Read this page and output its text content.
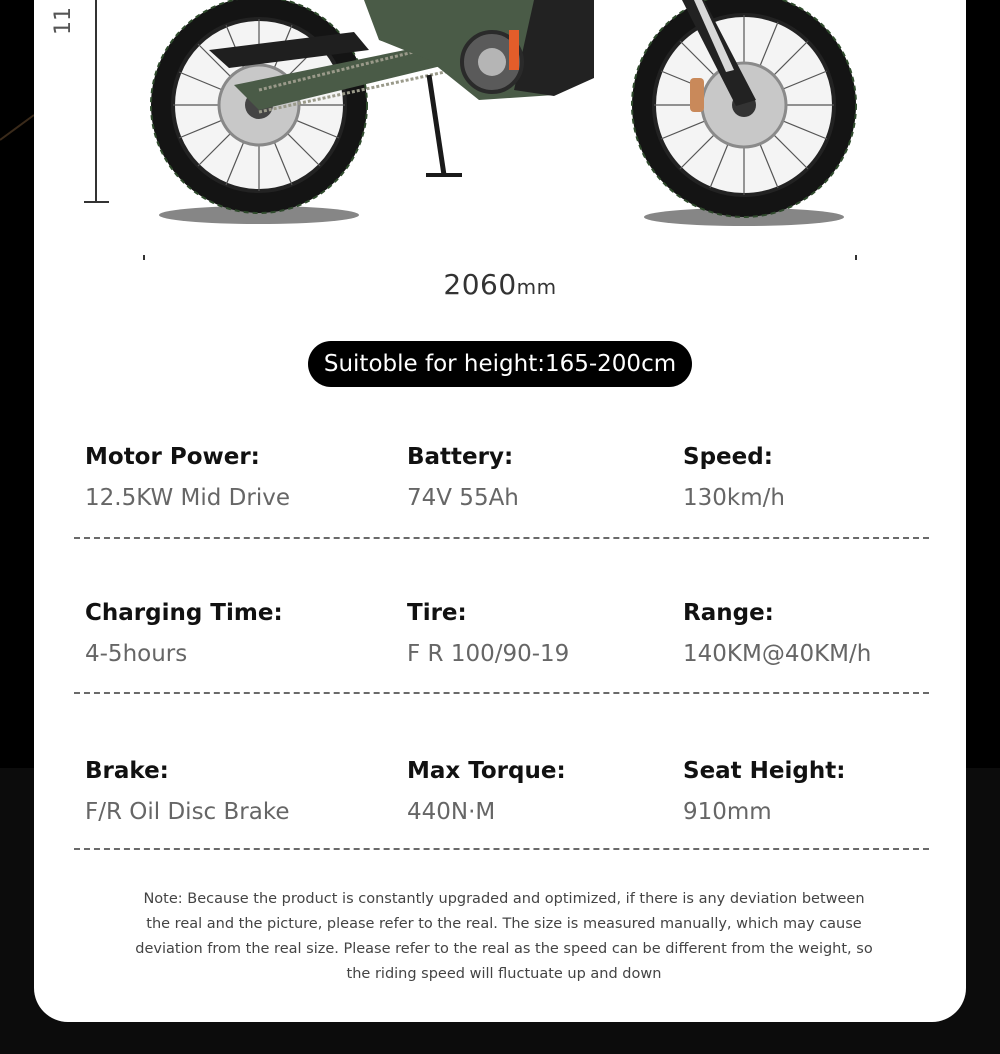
11
2060mm
Suitoble for height:165-200cm
Motor Power:
12.5KW Mid Drive
Battery:
74V 55Ah
Speed:
130km/h
Charging Time:
4-5hours
Tire:
F R 100/90-19
Range:
140KM@40KM/h
Brake:
F/R Oil Disc Brake
Max Torque:
440N·M
Seat Height:
910mm
Note: Because the product is constantly upgraded and optimized, if there is any deviation between the real and the picture, please refer to the real. The size is measured manually, which may cause deviation from the real size. Please refer to the real as the speed can be different from the weight, so the riding speed will fluctuate up and down
